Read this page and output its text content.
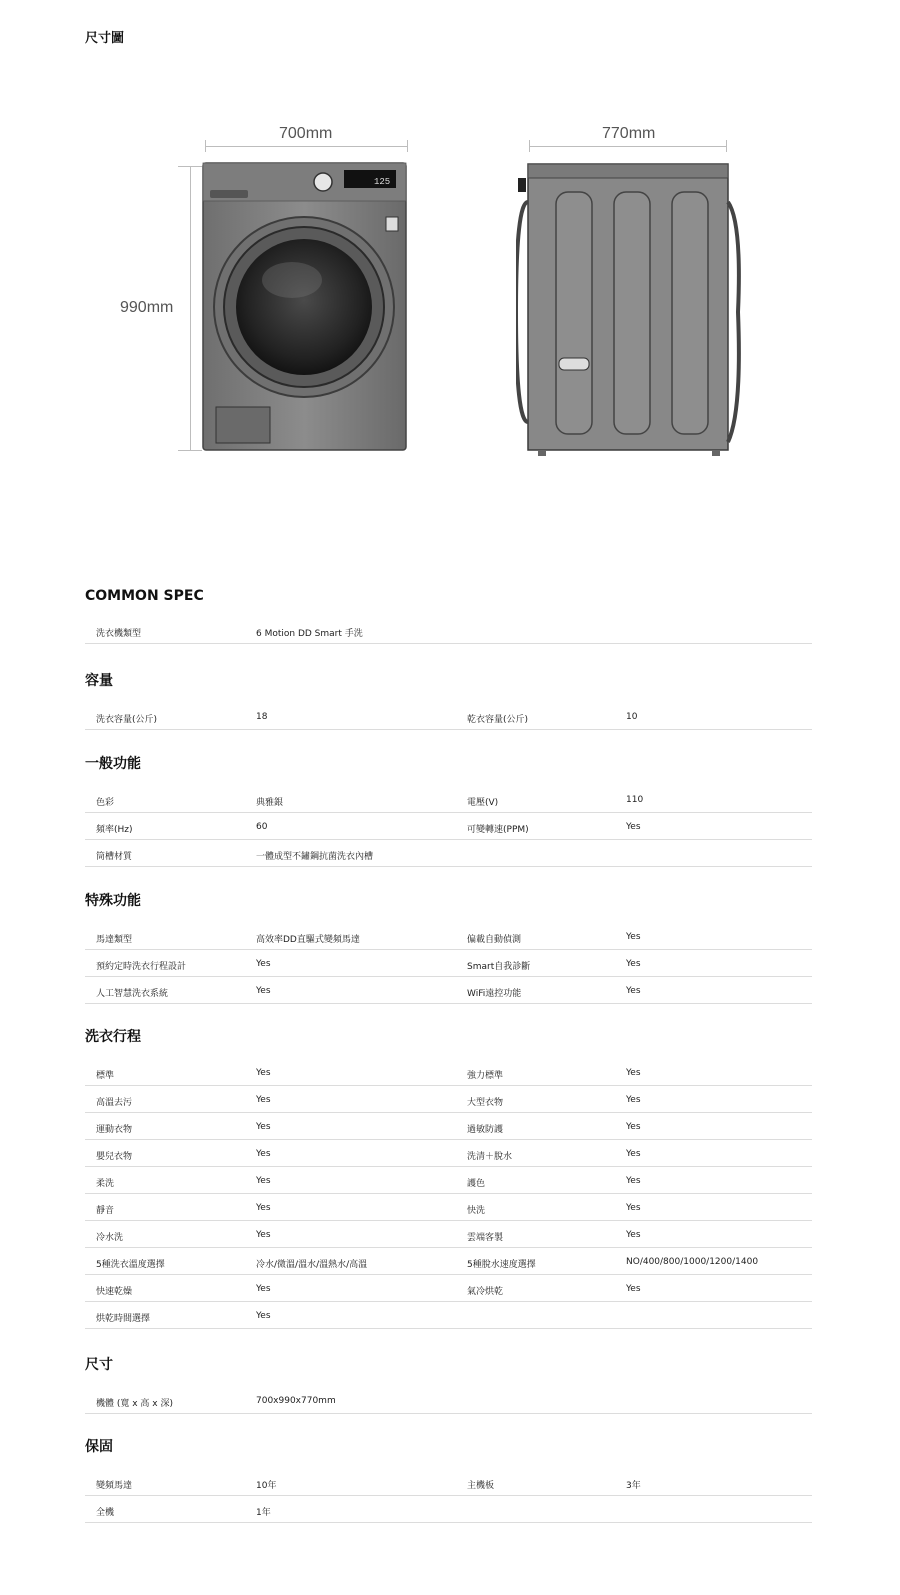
尺寸圖
700mm	770mm
990mm
125
COMMON SPEC
洗衣機類型	6 Motion DD Smart 手洗
容量
洗衣容量(公斤)	18	乾衣容量(公斤)	10
一般功能
色彩	典雅銀	電壓(V)	110
頻率(Hz)	60	可變轉速(PPM)	Yes
筒槽材質	一體成型不鏽鋼抗菌洗衣內槽
特殊功能
馬達類型	高效率DD直驅式變頻馬達	偏載自動偵測	Yes
預約定時洗衣行程設計	Yes	Smart自我診斷	Yes
人工智慧洗衣系統	Yes	WiFi遠控功能	Yes
洗衣行程
標準	Yes	強力標準	Yes
高溫去污	Yes	大型衣物	Yes
運動衣物	Yes	過敏防護	Yes
嬰兒衣物	Yes	洗清＋脫水	Yes
柔洗	Yes	護色	Yes
靜音	Yes	快洗	Yes
冷水洗	Yes	雲端客製	Yes
5種洗衣溫度選擇	冷水/微溫/溫水/溫熱水/高溫	5種脫水速度選擇	NO/400/800/1000/1200/1400
快速乾燥	Yes	氣冷烘乾	Yes
烘乾時間選擇	Yes
尺寸
機體 (寬 x 高 x 深)	700x990x770mm
保固
變頻馬達	10年	主機板	3年
全機	1年
